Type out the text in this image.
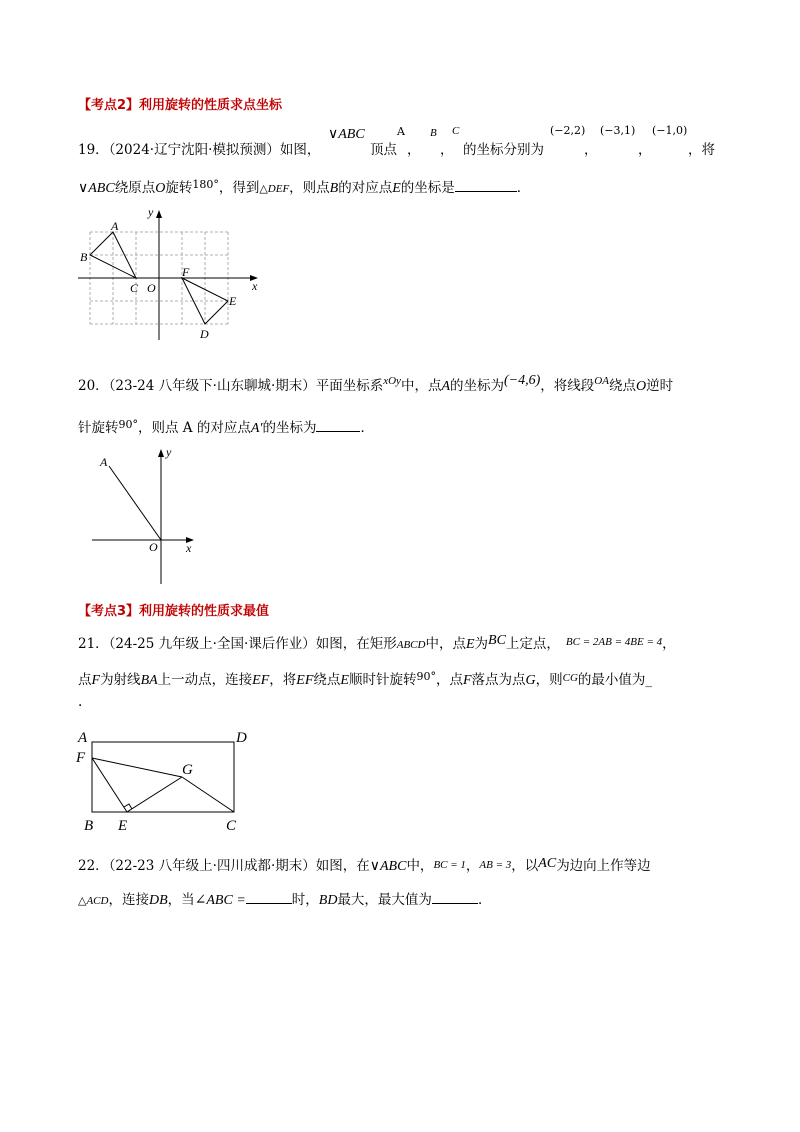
【考点2】利用旋转的性质求点坐标
19．（2024·辽宁沈阳·模拟预测）如图，
∨ABC
顶点
A
，
B
，
C
的坐标分别为
(−2,2)
，
(−3,1)
，
(−1,0)
，将
∨ABC绕原点O旋转$^{180^\circ}$，得到△DEF，则点B的对应点E的坐标是	．
A
B
C O
F
E
D
x
y
20．（23-24 八年级下·山东聊城·期末）平面坐标系$^{xOy}$中，点A的坐标为(−4,6)，将线段$^{OA}$绕点O逆时
针旋转$^{90^\circ}$，则点 A 的对应点A′的坐标为	．
A
O x
y
【考点3】利用旋转的性质求最值
21．（24-25 九年级上·全国·课后作业）如图，在矩形ABCD中，点E为BC上定点， BC = 2AB = 4BE = 4，
点F为射线BA上一动点，连接EF，将EF绕点E顺时针旋转$^{90^\circ}$，点F落点为点G，则CG的最小值为_
.
A	D
F
G
B E	C
22．（22-23 八年级上·四川成都·期末）如图，在∨ABC中，BC = 1，AB = 3，以AC为边向上作等边
△ACD，连接DB，当∠ABC =	时，BD最大，最大值为	．
